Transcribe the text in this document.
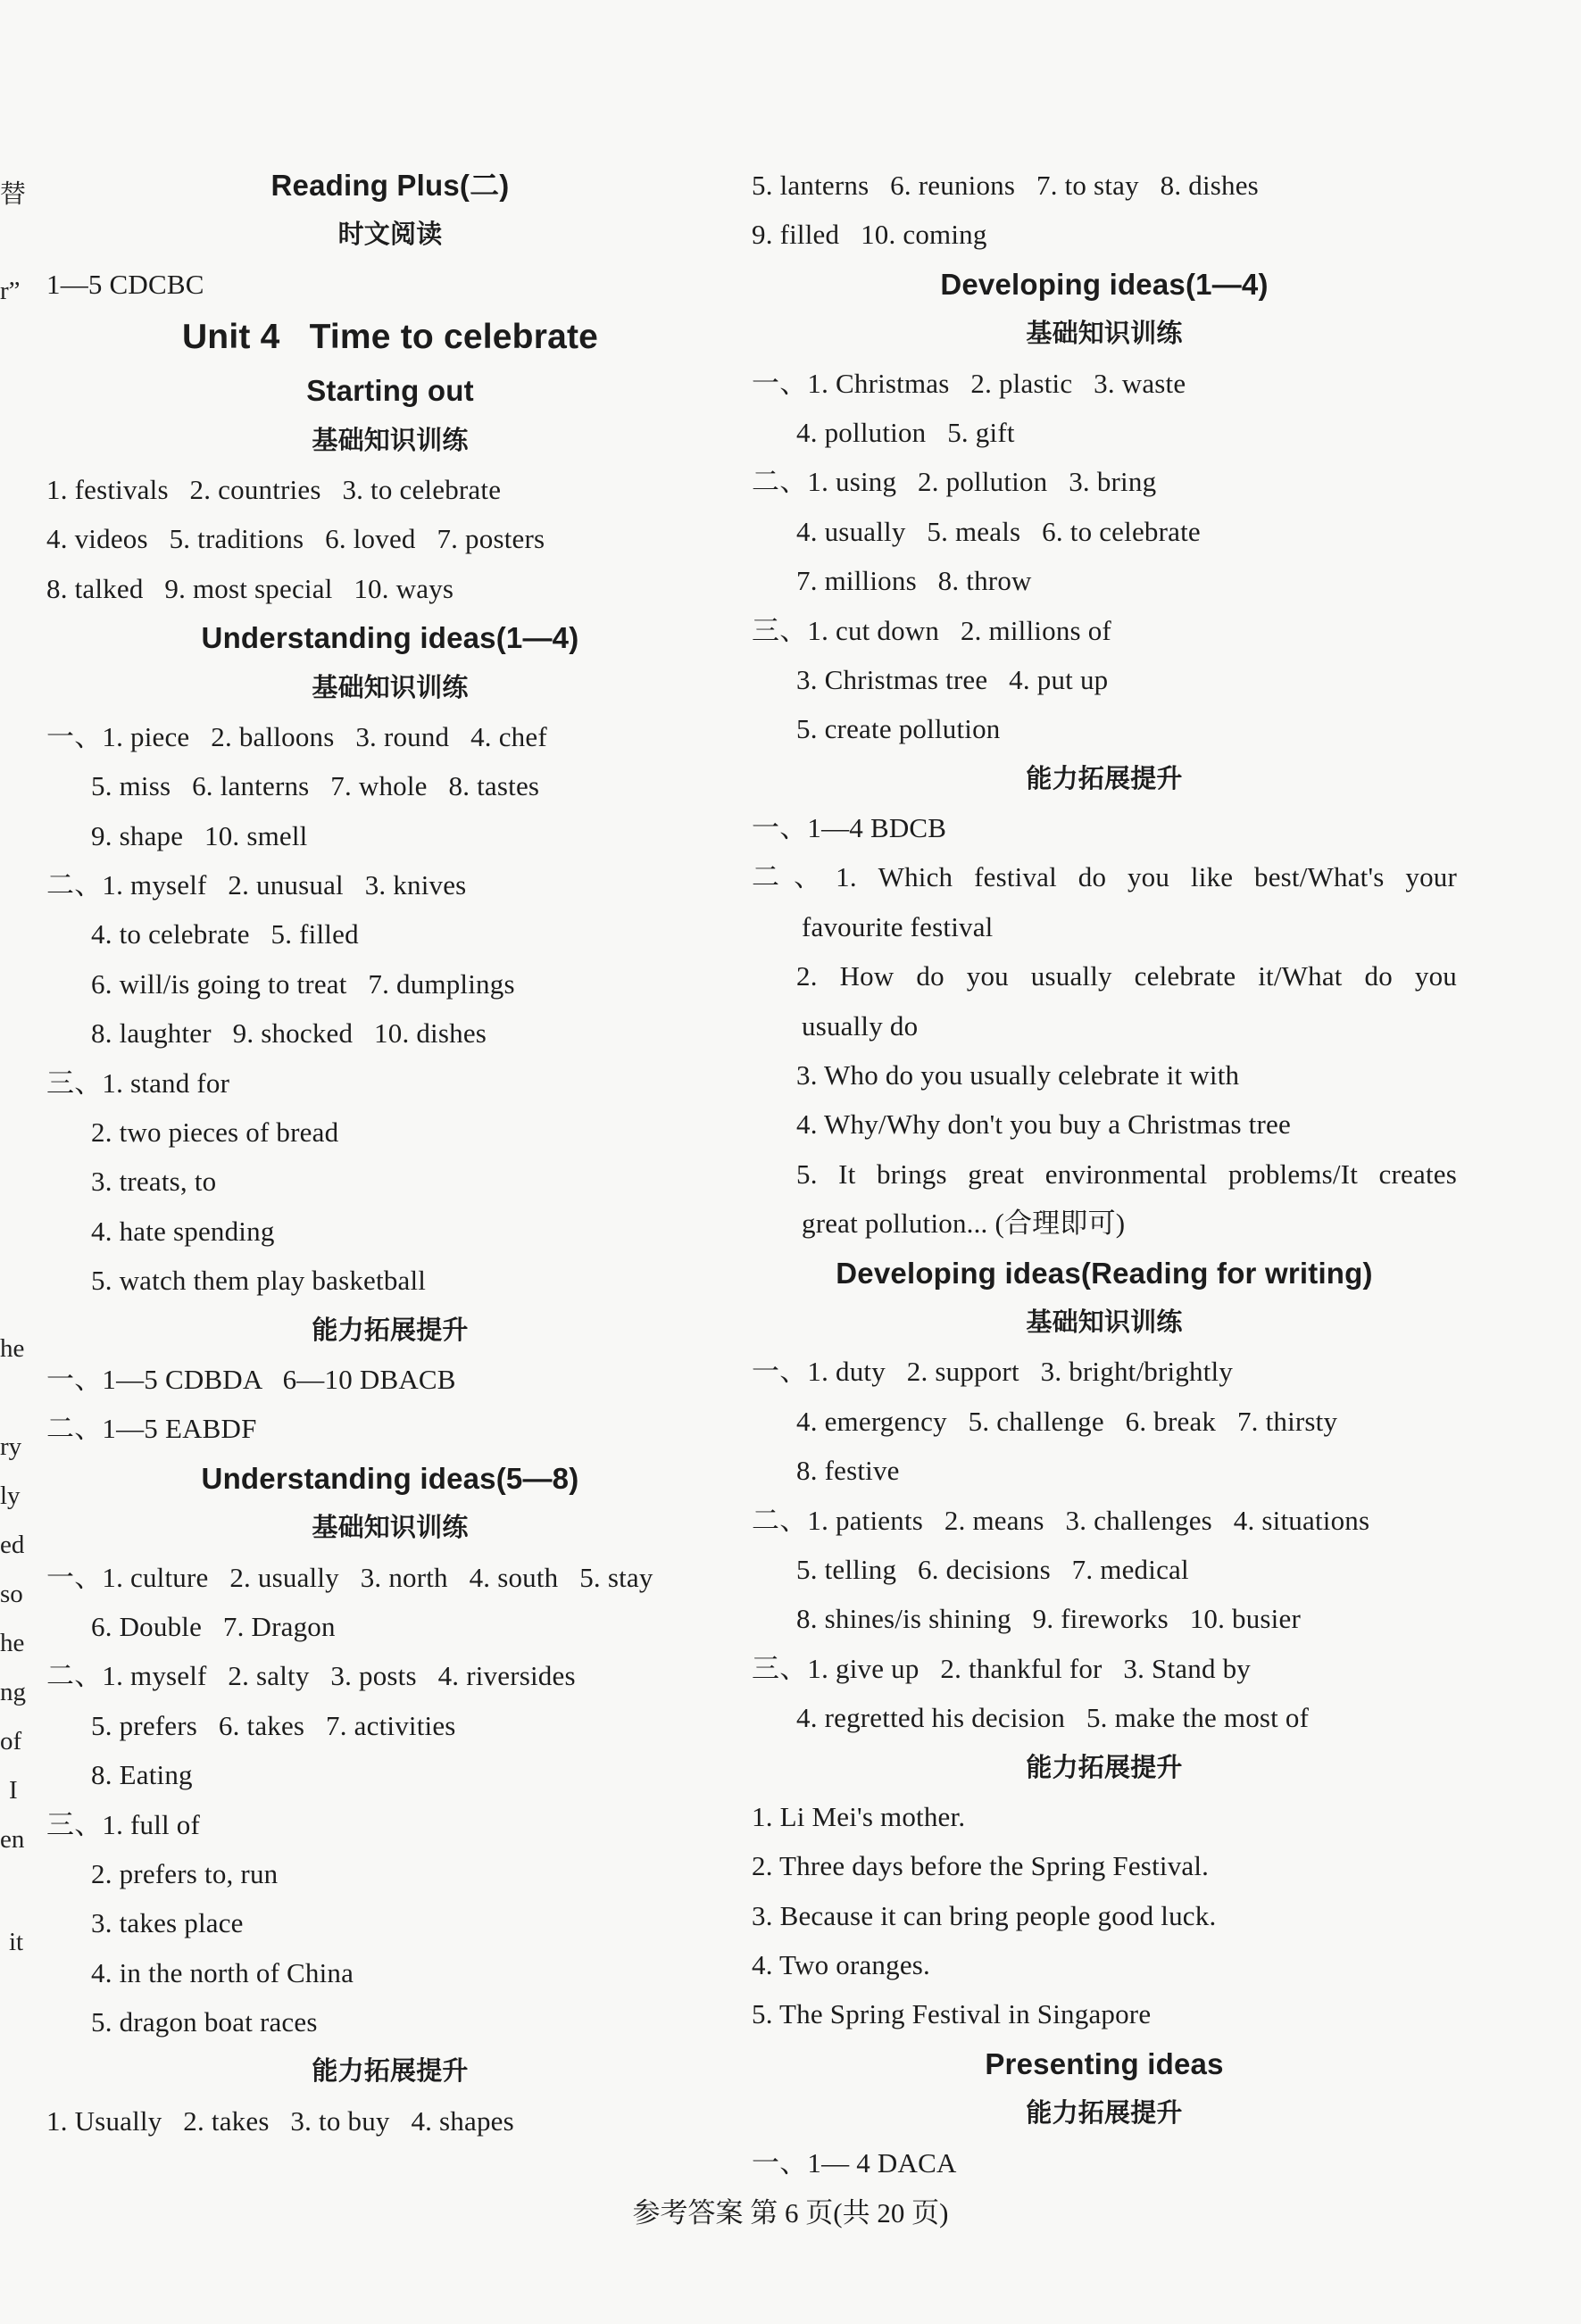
替
r”
he
ry
ly
ed
so
he
ng
of
I
en
it
Reading Plus(二)
时文阅读
1—5 CDCBC
Unit 4   Time to celebrate
Starting out
基础知识训练
1. festivals   2. countries   3. to celebrate
4. videos   5. traditions   6. loved   7. posters
8. talked   9. most special   10. ways
Understanding ideas(1—4)
基础知识训练
一、1. piece   2. balloons   3. round   4. chef
5. miss   6. lanterns   7. whole   8. tastes
9. shape   10. smell
二、1. myself   2. unusual   3. knives
4. to celebrate   5. filled
6. will/is going to treat   7. dumplings
8. laughter   9. shocked   10. dishes
三、1. stand for
2. two pieces of bread
3. treats, to
4. hate spending
5. watch them play basketball
能力拓展提升
一、1—5 CDBDA   6—10 DBACB
二、1—5 EABDF
Understanding ideas(5—8)
基础知识训练
一、1. culture   2. usually   3. north   4. south   5. stay
6. Double   7. Dragon
二、1. myself   2. salty   3. posts   4. riversides
5. prefers   6. takes   7. activities
8. Eating
三、1. full of
2. prefers to, run
3. takes place
4. in the north of China
5. dragon boat races
能力拓展提升
1. Usually   2. takes   3. to buy   4. shapes
5. lanterns   6. reunions   7. to stay   8. dishes
9. filled   10. coming
Developing ideas(1—4)
基础知识训练
一、1. Christmas   2. plastic   3. waste
4. pollution   5. gift
二、1. using   2. pollution   3. bring
4. usually   5. meals   6. to celebrate
7. millions   8. throw
三、1. cut down   2. millions of
3. Christmas tree   4. put up
5. create pollution
能力拓展提升
一、1—4 BDCB
二、1. Which festival do you like best/What's your
favourite festival
2. How do you usually celebrate it/What do you
usually do
3. Who do you usually celebrate it with
4. Why/Why don't you buy a Christmas tree
5. It brings great environmental problems/It creates
great pollution... (合理即可)
Developing ideas(Reading for writing)
基础知识训练
一、1. duty   2. support   3. bright/brightly
4. emergency   5. challenge   6. break   7. thirsty
8. festive
二、1. patients   2. means   3. challenges   4. situations
5. telling   6. decisions   7. medical
8. shines/is shining   9. fireworks   10. busier
三、1. give up   2. thankful for   3. Stand by
4. regretted his decision   5. make the most of
能力拓展提升
1. Li Mei's mother.
2. Three days before the Spring Festival.
3. Because it can bring people good luck.
4. Two oranges.
5. The Spring Festival in Singapore
Presenting ideas
能力拓展提升
一、1— 4 DACA
参考答案 第 6 页(共 20 页)
